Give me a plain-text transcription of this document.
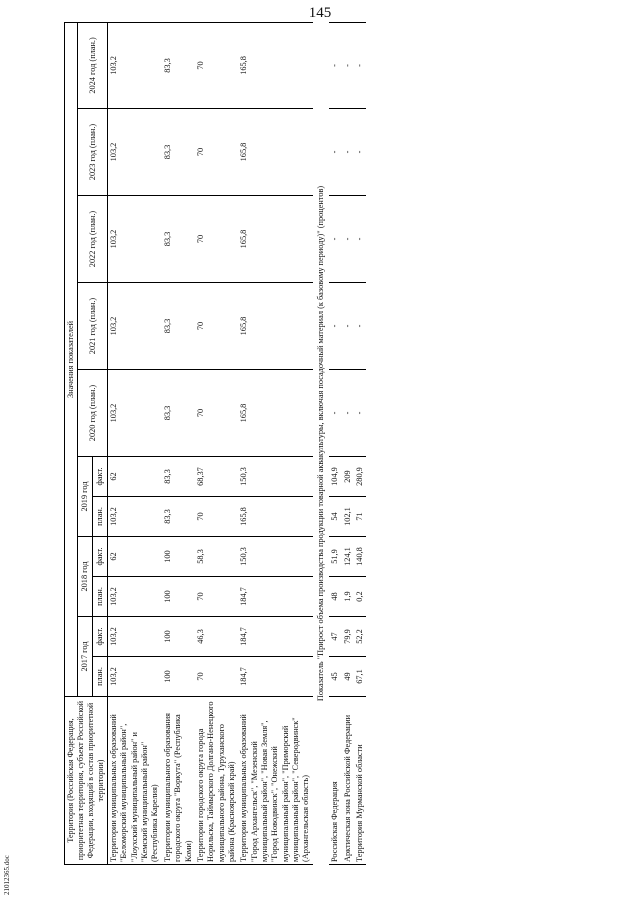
145
21012365.doc
Территория (Российская Федерация, приоритетная территория, субъект Российской Федерации, входящий в состав приоритетной территории)	Значения показателей										
	2017 год		2018 год		2019 год		2020 год (план.)	2021 год (план.)	2022 год (план.)	2023 год (план.)	2024 год (план.)
	план.	факт.	план.	факт.	план.	факт.					

Территории муниципальных образований "Беломорский муниципальный район", "Лоухский муниципальный район" и "Кемский муниципальный район" (Республика Карелия)	103,2	103,2	103,2	62	103,2	62	103,2	103,2	103,2	103,2	103,2
Территории муниципального образования городского округа "Воркута" (Республика Коми)	100	100	100	100	83,3	83,3	83,3	83,3	83,3	83,3	83,3
Территории городского округа города Норильска, Таймырского Долгано-Ненецкого муниципального района, Туруханского района (Красноярский край)	70	46,3	70	58,3	70	68,37	70	70	70	70	70
Территории муниципальных образований "Город Архангельск", "Мезенский муниципальный район", "Новая Земля", "Город Новодвинск", "Онежский муниципальный район", "Приморский муниципальный район", "Северодвинск" (Архангельская область)	184,7	184,7	184,7	150,3	165,8	150,3	165,8	165,8	165,8	165,8	165,8
Показатель "Прирост объема производства продукции товарной аквакультуры, включая посадочный материал (к базовому периоду)" (процентов)											
Российская Федерация	45	47	48	51,9	54	104,9	-	-	-	-	-
Арктическая зона Российской Федерации	49	79,9	1,9	124,1	102,1	209	-	-	-	-	-
Территория Мурманской области	67,1	52,2	0,2	140,8	71	280,9	-	-	-	-	-
